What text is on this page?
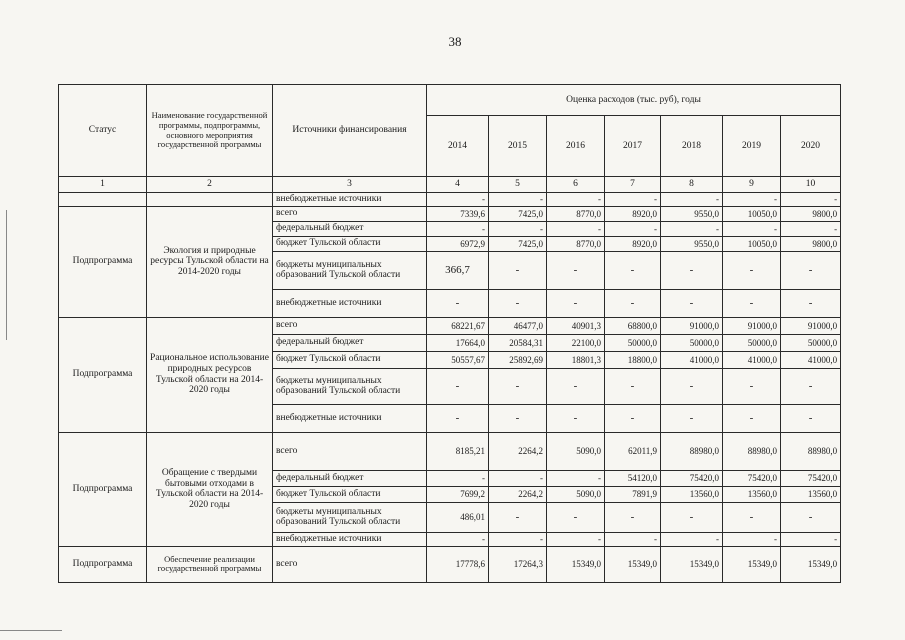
38
Статус	Наименование государственной программы, подпрограммы, основного мероприятия государственной программы	Источники финансирования	Оценка расходов (тыс. руб), годы						
			2014	2015	2016	2017	2018	2019	2020
1	2	3	4	5	6	7	8	9	10
		внебюджетные источники	-	-	-	-	-	-	-
Подпрограмма	Экология и природные ресурсы Тульской области на 2014-2020 годы	всего	7339,6	7425,0	8770,0	8920,0	9550,0	10050,0	9800,0
		федеральный бюджет	-	-	-	-	-	-	-
		бюджет Тульской области	6972,9	7425,0	8770,0	8920,0	9550,0	10050,0	9800,0
		бюджеты муниципальных образований Тульской области	366,7	-	-	-	-	-	-
		внебюджетные источники	-	-	-	-	-	-	-
Подпрограмма	Рациональное использование природных ресурсов Тульской области на 2014-2020 годы	всего	68221,67	46477,0	40901,3	68800,0	91000,0	91000,0	91000,0
		федеральный бюджет	17664,0	20584,31	22100,0	50000,0	50000,0	50000,0	50000,0
		бюджет Тульской области	50557,67	25892,69	18801,3	18800,0	41000,0	41000,0	41000,0
		бюджеты муниципальных образований Тульской области	-	-	-	-	-	-	-
		внебюджетные источники	-	-	-	-	-	-	-
Подпрограмма	Обращение с твердыми бытовыми отходами в Тульской области на 2014-2020 годы	всего	8185,21	2264,2	5090,0	62011,9	88980,0	88980,0	88980,0
		федеральный бюджет	-	-	-	54120,0	75420,0	75420,0	75420,0
		бюджет Тульской области	7699,2	2264,2	5090,0	7891,9	13560,0	13560,0	13560,0
		бюджеты муниципальных образований Тульской области	486,01	-	-	-	-	-	-
		внебюджетные источники	-	-	-	-	-	-	-
Подпрограмма	Обеспечение реализации государственной программы	всего	17778,6	17264,3	15349,0	15349,0	15349,0	15349,0	15349,0
